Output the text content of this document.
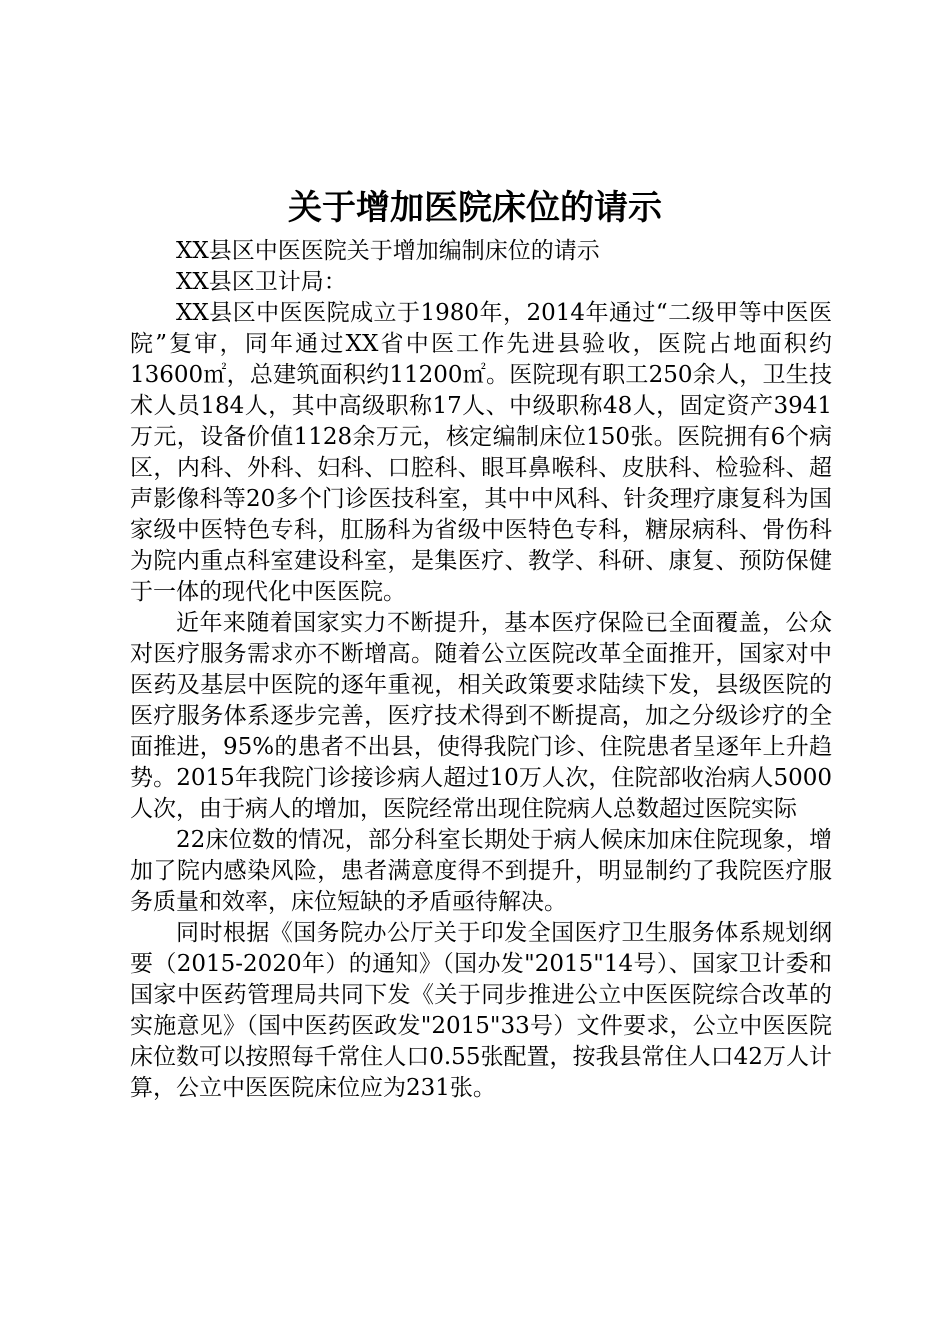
关于增加医院床位的请示

XX县区中医医院关于增加编制床位的请示

XX县区卫计局：

XX县区中医医院成立于1980年，2014年通过“二级甲等中医医院”复审，同年通过XX省中医工作先进县验收，医院占地面积约13600㎡，总建筑面积约11200㎡。医院现有职工250余人，卫生技术人员184人，其中高级职称17人、中级职称48人，固定资产3941万元，设备价值1128余万元，核定编制床位150张。医院拥有6个病区，内科、外科、妇科、口腔科、眼耳鼻喉科、皮肤科、检验科、超声影像科等20多个门诊医技科室，其中中风科、针灸理疗康复科为国家级中医特色专科，肛肠科为省级中医特色专科，糖尿病科、骨伤科为院内重点科室建设科室，是集医疗、教学、科研、康复、预防保健于一体的现代化中医医院。

近年来随着国家实力不断提升，基本医疗保险已全面覆盖，公众对医疗服务需求亦不断增高。随着公立医院改革全面推开，国家对中医药及基层中医院的逐年重视，相关政策要求陆续下发，县级医院的医疗服务体系逐步完善，医疗技术得到不断提高，加之分级诊疗的全面推进，95%的患者不出县，使得我院门诊、住院患者呈逐年上升趋势。2015年我院门诊接诊病人超过10万人次，住院部收治病人5000人次，由于病人的增加，医院经常出现住院病人总数超过医院实际

22床位数的情况，部分科室长期处于病人候床加床住院现象，增加了院内感染风险，患者满意度得不到提升，明显制约了我院医疗服务质量和效率，床位短缺的矛盾亟待解决。

同时根据《国务院办公厅关于印发全国医疗卫生服务体系规划纲要（2015-2020年）的通知》（国办发"2015"14号）、国家卫计委和国家中医药管理局共同下发《关于同步推进公立中医医院综合改革的实施意见》（国中医药医政发"2015"33号）文件要求，公立中医医院床位数可以按照每千常住人口0.55张配置，按我县常住人口42万人计算，公立中医医院床位应为231张。
